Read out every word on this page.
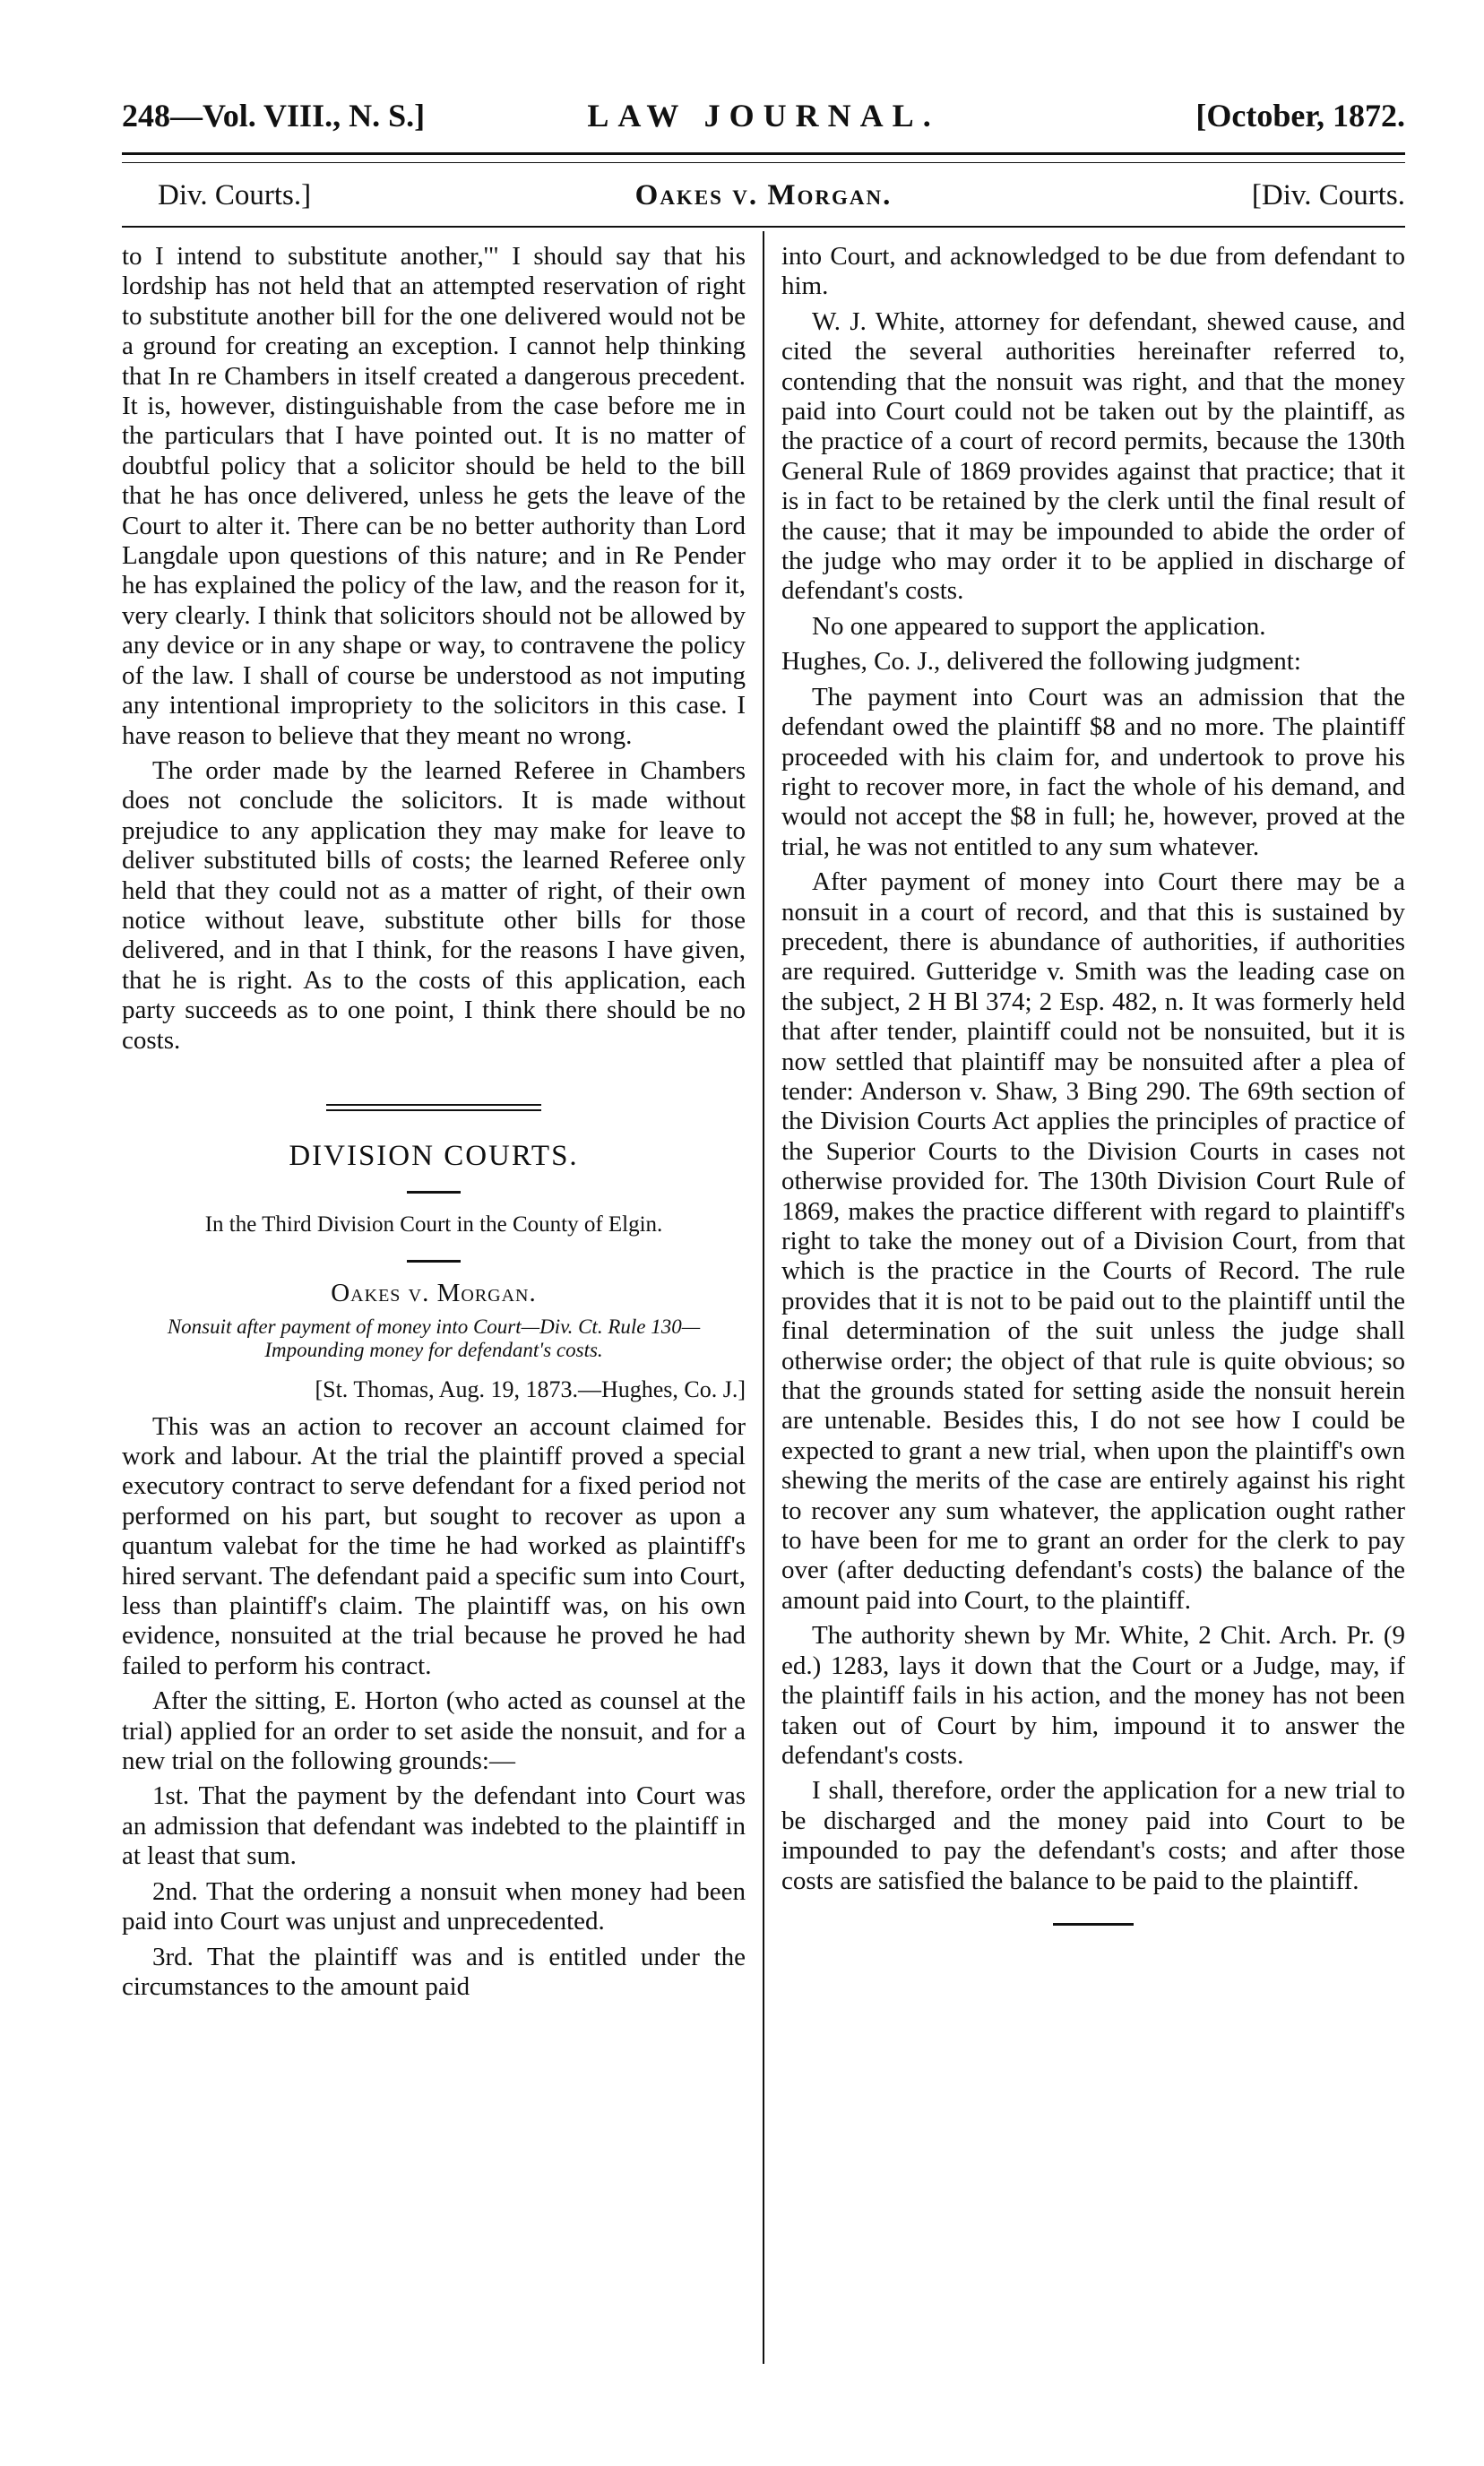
248—Vol. VIII., N. S.]	LAW JOURNAL.	[October, 1872.
Div. Courts.]	Oakes v. Morgan.	[Div. Courts.

to I intend to substitute another,'" I should say that his lordship has not held that an attempted reservation of right to substitute another bill for the one delivered would not be a ground for creating an exception. I cannot help thinking that In re Chambers in itself created a dangerous precedent. It is, however, distinguishable from the case before me in the particulars that I have pointed out. It is no matter of doubtful policy that a solicitor should be held to the bill that he has once delivered, unless he gets the leave of the Court to alter it. There can be no better authority than Lord Langdale upon questions of this nature; and in Re Pender he has explained the policy of the law, and the reason for it, very clearly. I think that solicitors should not be allowed by any device or in any shape or way, to contravene the policy of the law. I shall of course be understood as not imputing any intentional impropriety to the solicitors in this case. I have reason to believe that they meant no wrong.

The order made by the learned Referee in Chambers does not conclude the solicitors. It is made without prejudice to any application they may make for leave to deliver substituted bills of costs; the learned Referee only held that they could not as a matter of right, of their own notice without leave, substitute other bills for those delivered, and in that I think, for the reasons I have given, that he is right. As to the costs of this application, each party succeeds as to one point, I think there should be no costs.

DIVISION COURTS.
In the Third Division Court in the County of Elgin.
Oakes v. Morgan.
Nonsuit after payment of money into Court—Div. Ct. Rule 130—Impounding money for defendant's costs.
[St. Thomas, Aug. 19, 1873.—Hughes, Co. J.]

This was an action to recover an account claimed for work and labour. At the trial the plaintiff proved a special executory contract to serve defendant for a fixed period not performed on his part, but sought to recover as upon a quantum valebat for the time he had worked as plaintiff's hired servant. The defendant paid a specific sum into Court, less than plaintiff's claim. The plaintiff was, on his own evidence, nonsuited at the trial because he proved he had failed to perform his contract.

After the sitting, E. Horton (who acted as counsel at the trial) applied for an order to set aside the nonsuit, and for a new trial on the following grounds:—

1st. That the payment by the defendant into Court was an admission that defendant was indebted to the plaintiff in at least that sum.

2nd. That the ordering a nonsuit when money had been paid into Court was unjust and unprecedented.

3rd. That the plaintiff was and is entitled under the circumstances to the amount paid

into Court, and acknowledged to be due from defendant to him.

W. J. White, attorney for defendant, shewed cause, and cited the several authorities hereinafter referred to, contending that the nonsuit was right, and that the money paid into Court could not be taken out by the plaintiff, as the practice of a court of record permits, because the 130th General Rule of 1869 provides against that practice; that it is in fact to be retained by the clerk until the final result of the cause; that it may be impounded to abide the order of the judge who may order it to be applied in discharge of defendant's costs.

No one appeared to support the application.

Hughes, Co. J., delivered the following judgment:

The payment into Court was an admission that the defendant owed the plaintiff $8 and no more. The plaintiff proceeded with his claim for, and undertook to prove his right to recover more, in fact the whole of his demand, and would not accept the $8 in full; he, however, proved at the trial, he was not entitled to any sum whatever.

After payment of money into Court there may be a nonsuit in a court of record, and that this is sustained by precedent, there is abundance of authorities, if authorities are required. Gutteridge v. Smith was the leading case on the subject, 2 H Bl 374; 2 Esp. 482, n. It was formerly held that after tender, plaintiff could not be nonsuited, but it is now settled that plaintiff may be nonsuited after a plea of tender: Anderson v. Shaw, 3 Bing 290. The 69th section of the Division Courts Act applies the principles of practice of the Superior Courts to the Division Courts in cases not otherwise provided for. The 130th Division Court Rule of 1869, makes the practice different with regard to plaintiff's right to take the money out of a Division Court, from that which is the practice in the Courts of Record. The rule provides that it is not to be paid out to the plaintiff until the final determination of the suit unless the judge shall otherwise order; the object of that rule is quite obvious; so that the grounds stated for setting aside the nonsuit herein are untenable. Besides this, I do not see how I could be expected to grant a new trial, when upon the plaintiff's own shewing the merits of the case are entirely against his right to recover any sum whatever, the application ought rather to have been for me to grant an order for the clerk to pay over (after deducting defendant's costs) the balance of the amount paid into Court, to the plaintiff.

The authority shewn by Mr. White, 2 Chit. Arch. Pr. (9 ed.) 1283, lays it down that the Court or a Judge, may, if the plaintiff fails in his action, and the money has not been taken out of Court by him, impound it to answer the defendant's costs.

I shall, therefore, order the application for a new trial to be discharged and the money paid into Court to be impounded to pay the defendant's costs; and after those costs are satisfied the balance to be paid to the plaintiff.
